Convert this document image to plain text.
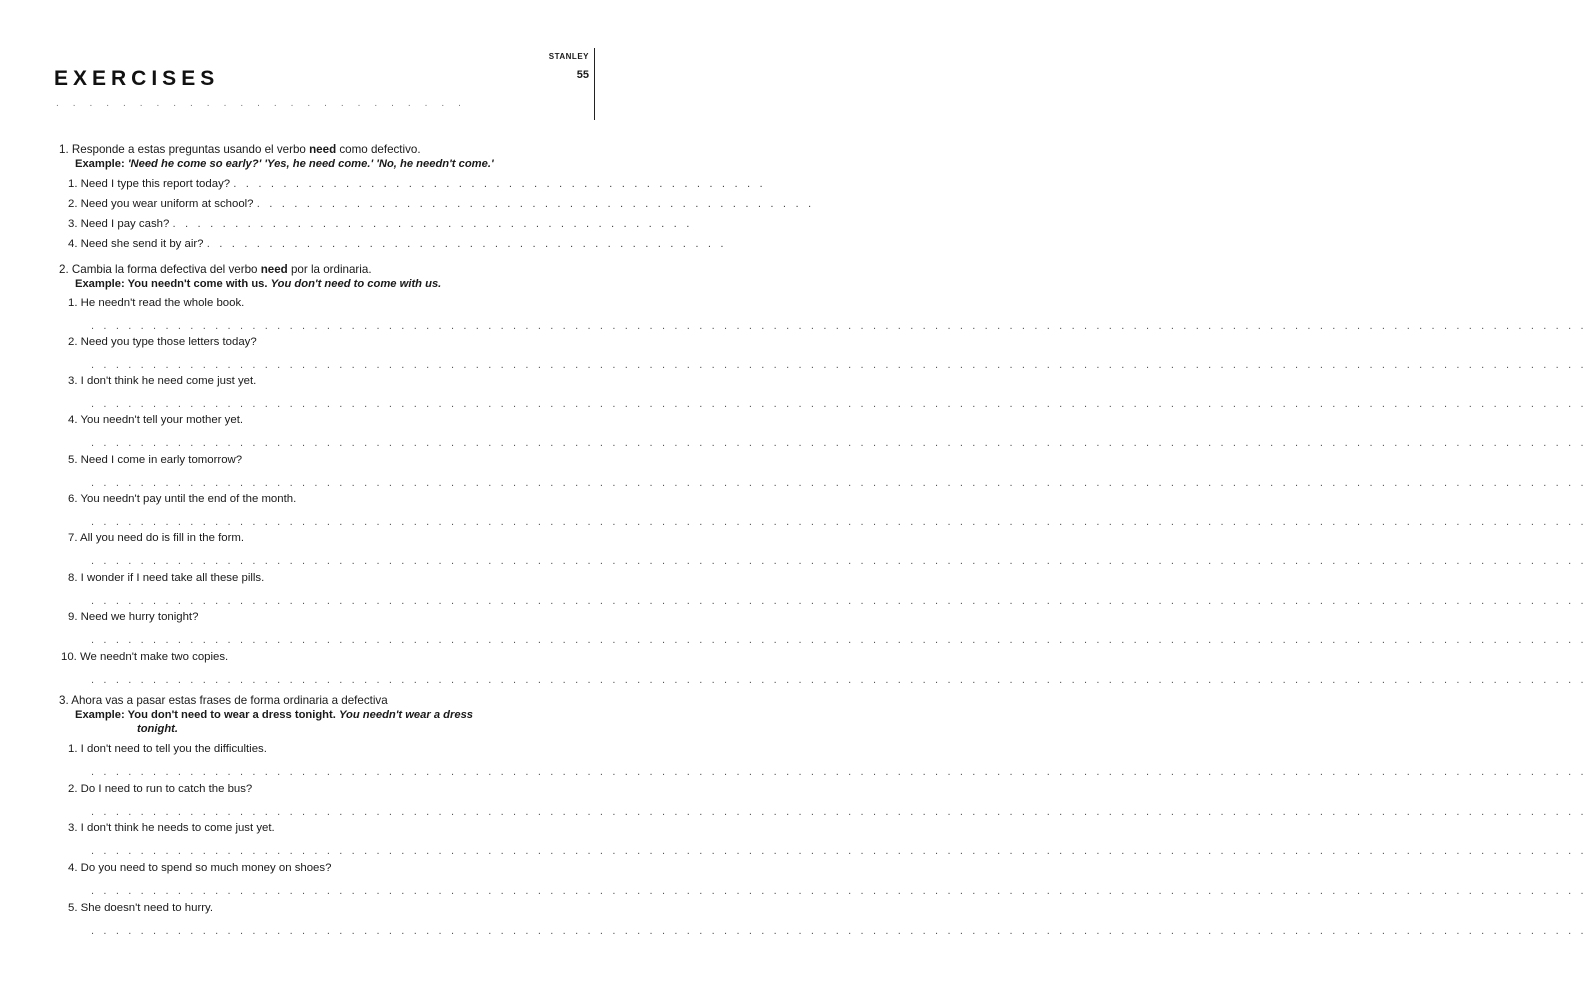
STANLEY
55
EXERCISES
. . . . . . . . . . . . . . . . . . . . . . . . .
1. Responde a estas preguntas usando el verbo need como defectivo.
Example: 'Need he come so early?' 'Yes, he need come.' 'No, he needn't come.'
1. Need I type this report today? . . . . . . . . . . . . . . . . . . . . . . . . . . . . . . . . . . . . . . . . . . .
2. Need you wear uniform at school? . . . . . . . . . . . . . . . . . . . . . . . . . . . . . . . . . . . . . . . . . . . . .
3. Need I pay cash? . . . . . . . . . . . . . . . . . . . . . . . . . . . . . . . . . . . . . . . . . .
4. Need she send it by air? . . . . . . . . . . . . . . . . . . . . . . . . . . . . . . . . . . . . . . . . . .
2. Cambia la forma defectiva del verbo need por la ordinaria.
Example: You needn't come with us. You don't need to come with us.
1. He needn't read the whole book.
. . . . . . . . . . . . . . . . . . . . . . . . . . . . . . . . . . . . . . . . . . . . . . . . . . . . . . . . . . . . . . . . . . . . . . . . . . . . . . . . . . . . . . . . . . . . . . . . . . . . . . . . . . . . . . . . . . . . . . . . .
2. Need you type those letters today?
. . . . . . . . . . . . . . . . . . . . . . . . . . . . . . . . . . . . . . . . . . . . . . . . . . . . . . . . . . . . . . . . . . . . . . . . . . . . . . . . . . . . . . . . . . . . . . . . . . . . . . . . . . . . . . . . . . . . . . . . .
3. I don't think he need come just yet.
. . . . . . . . . . . . . . . . . . . . . . . . . . . . . . . . . . . . . . . . . . . . . . . . . . . . . . . . . . . . . . . . . . . . . . . . . . . . . . . . . . . . . . . . . . . . . . . . . . . . . . . . . . . . . . . . . . . . . . . . .
4. You needn't tell your mother yet.
. . . . . . . . . . . . . . . . . . . . . . . . . . . . . . . . . . . . . . . . . . . . . . . . . . . . . . . . . . . . . . . . . . . . . . . . . . . . . . . . . . . . . . . . . . . . . . . . . . . . . . . . . . . . . . . . . . . . . . . . .
5. Need I come in early tomorrow?
. . . . . . . . . . . . . . . . . . . . . . . . . . . . . . . . . . . . . . . . . . . . . . . . . . . . . . . . . . . . . . . . . . . . . . . . . . . . . . . . . . . . . . . . . . . . . . . . . . . . . . . . . . . . . . . . . . . . . . . . .
6. You needn't pay until the end of the month.
. . . . . . . . . . . . . . . . . . . . . . . . . . . . . . . . . . . . . . . . . . . . . . . . . . . . . . . . . . . . . . . . . . . . . . . . . . . . . . . . . . . . . . . . . . . . . . . . . . . . . . . . . . . . . . . . . . . . . . . . .
7. All you need do is fill in the form.
. . . . . . . . . . . . . . . . . . . . . . . . . . . . . . . . . . . . . . . . . . . . . . . . . . . . . . . . . . . . . . . . . . . . . . . . . . . . . . . . . . . . . . . . . . . . . . . . . . . . . . . . . . . . . . . . . . . . . . . . .
8. I wonder if I need take all these pills.
. . . . . . . . . . . . . . . . . . . . . . . . . . . . . . . . . . . . . . . . . . . . . . . . . . . . . . . . . . . . . . . . . . . . . . . . . . . . . . . . . . . . . . . . . . . . . . . . . . . . . . . . . . . . . . . . . . . . . . . . .
9. Need we hurry tonight?
. . . . . . . . . . . . . . . . . . . . . . . . . . . . . . . . . . . . . . . . . . . . . . . . . . . . . . . . . . . . . . . . . . . . . . . . . . . . . . . . . . . . . . . . . . . . . . . . . . . . . . . . . . . . . . . . . . . . . . . . .
10. We needn't make two copies.
. . . . . . . . . . . . . . . . . . . . . . . . . . . . . . . . . . . . . . . . . . . . . . . . . . . . . . . . . . . . . . . . . . . . . . . . . . . . . . . . . . . . . . . . . . . . . . . . . . . . . . . . . . . . . . . . . . . . . . . . .
3. Ahora vas a pasar estas frases de forma ordinaria a defectiva
Example: You don't need to wear a dress tonight. You needn't wear a dress
tonight.
1. I don't need to tell you the difficulties.
. . . . . . . . . . . . . . . . . . . . . . . . . . . . . . . . . . . . . . . . . . . . . . . . . . . . . . . . . . . . . . . . . . . . . . . . . . . . . . . . . . . . . . . . . . . . . . . . . . . . . . . . . . . . . . . . . . . . . . . . .
2. Do I need to run to catch the bus?
. . . . . . . . . . . . . . . . . . . . . . . . . . . . . . . . . . . . . . . . . . . . . . . . . . . . . . . . . . . . . . . . . . . . . . . . . . . . . . . . . . . . . . . . . . . . . . . . . . . . . . . . . . . . . . . . . . . . . . . . .
3. I don't think he needs to come just yet.
. . . . . . . . . . . . . . . . . . . . . . . . . . . . . . . . . . . . . . . . . . . . . . . . . . . . . . . . . . . . . . . . . . . . . . . . . . . . . . . . . . . . . . . . . . . . . . . . . . . . . . . . . . . . . . . . . . . . . . . . .
4. Do you need to spend so much money on shoes?
. . . . . . . . . . . . . . . . . . . . . . . . . . . . . . . . . . . . . . . . . . . . . . . . . . . . . . . . . . . . . . . . . . . . . . . . . . . . . . . . . . . . . . . . . . . . . . . . . . . . . . . . . . . . . . . . . . . . . . . . .
5. She doesn't need to hurry.
. . . . . . . . . . . . . . . . . . . . . . . . . . . . . . . . . . . . . . . . . . . . . . . . . . . . . . . . . . . . . . . . . . . . . . . . . . . . . . . . . . . . . . . . . . . . . . . . . . . . . . . . . . . . . . . . . . . . . . . . .
